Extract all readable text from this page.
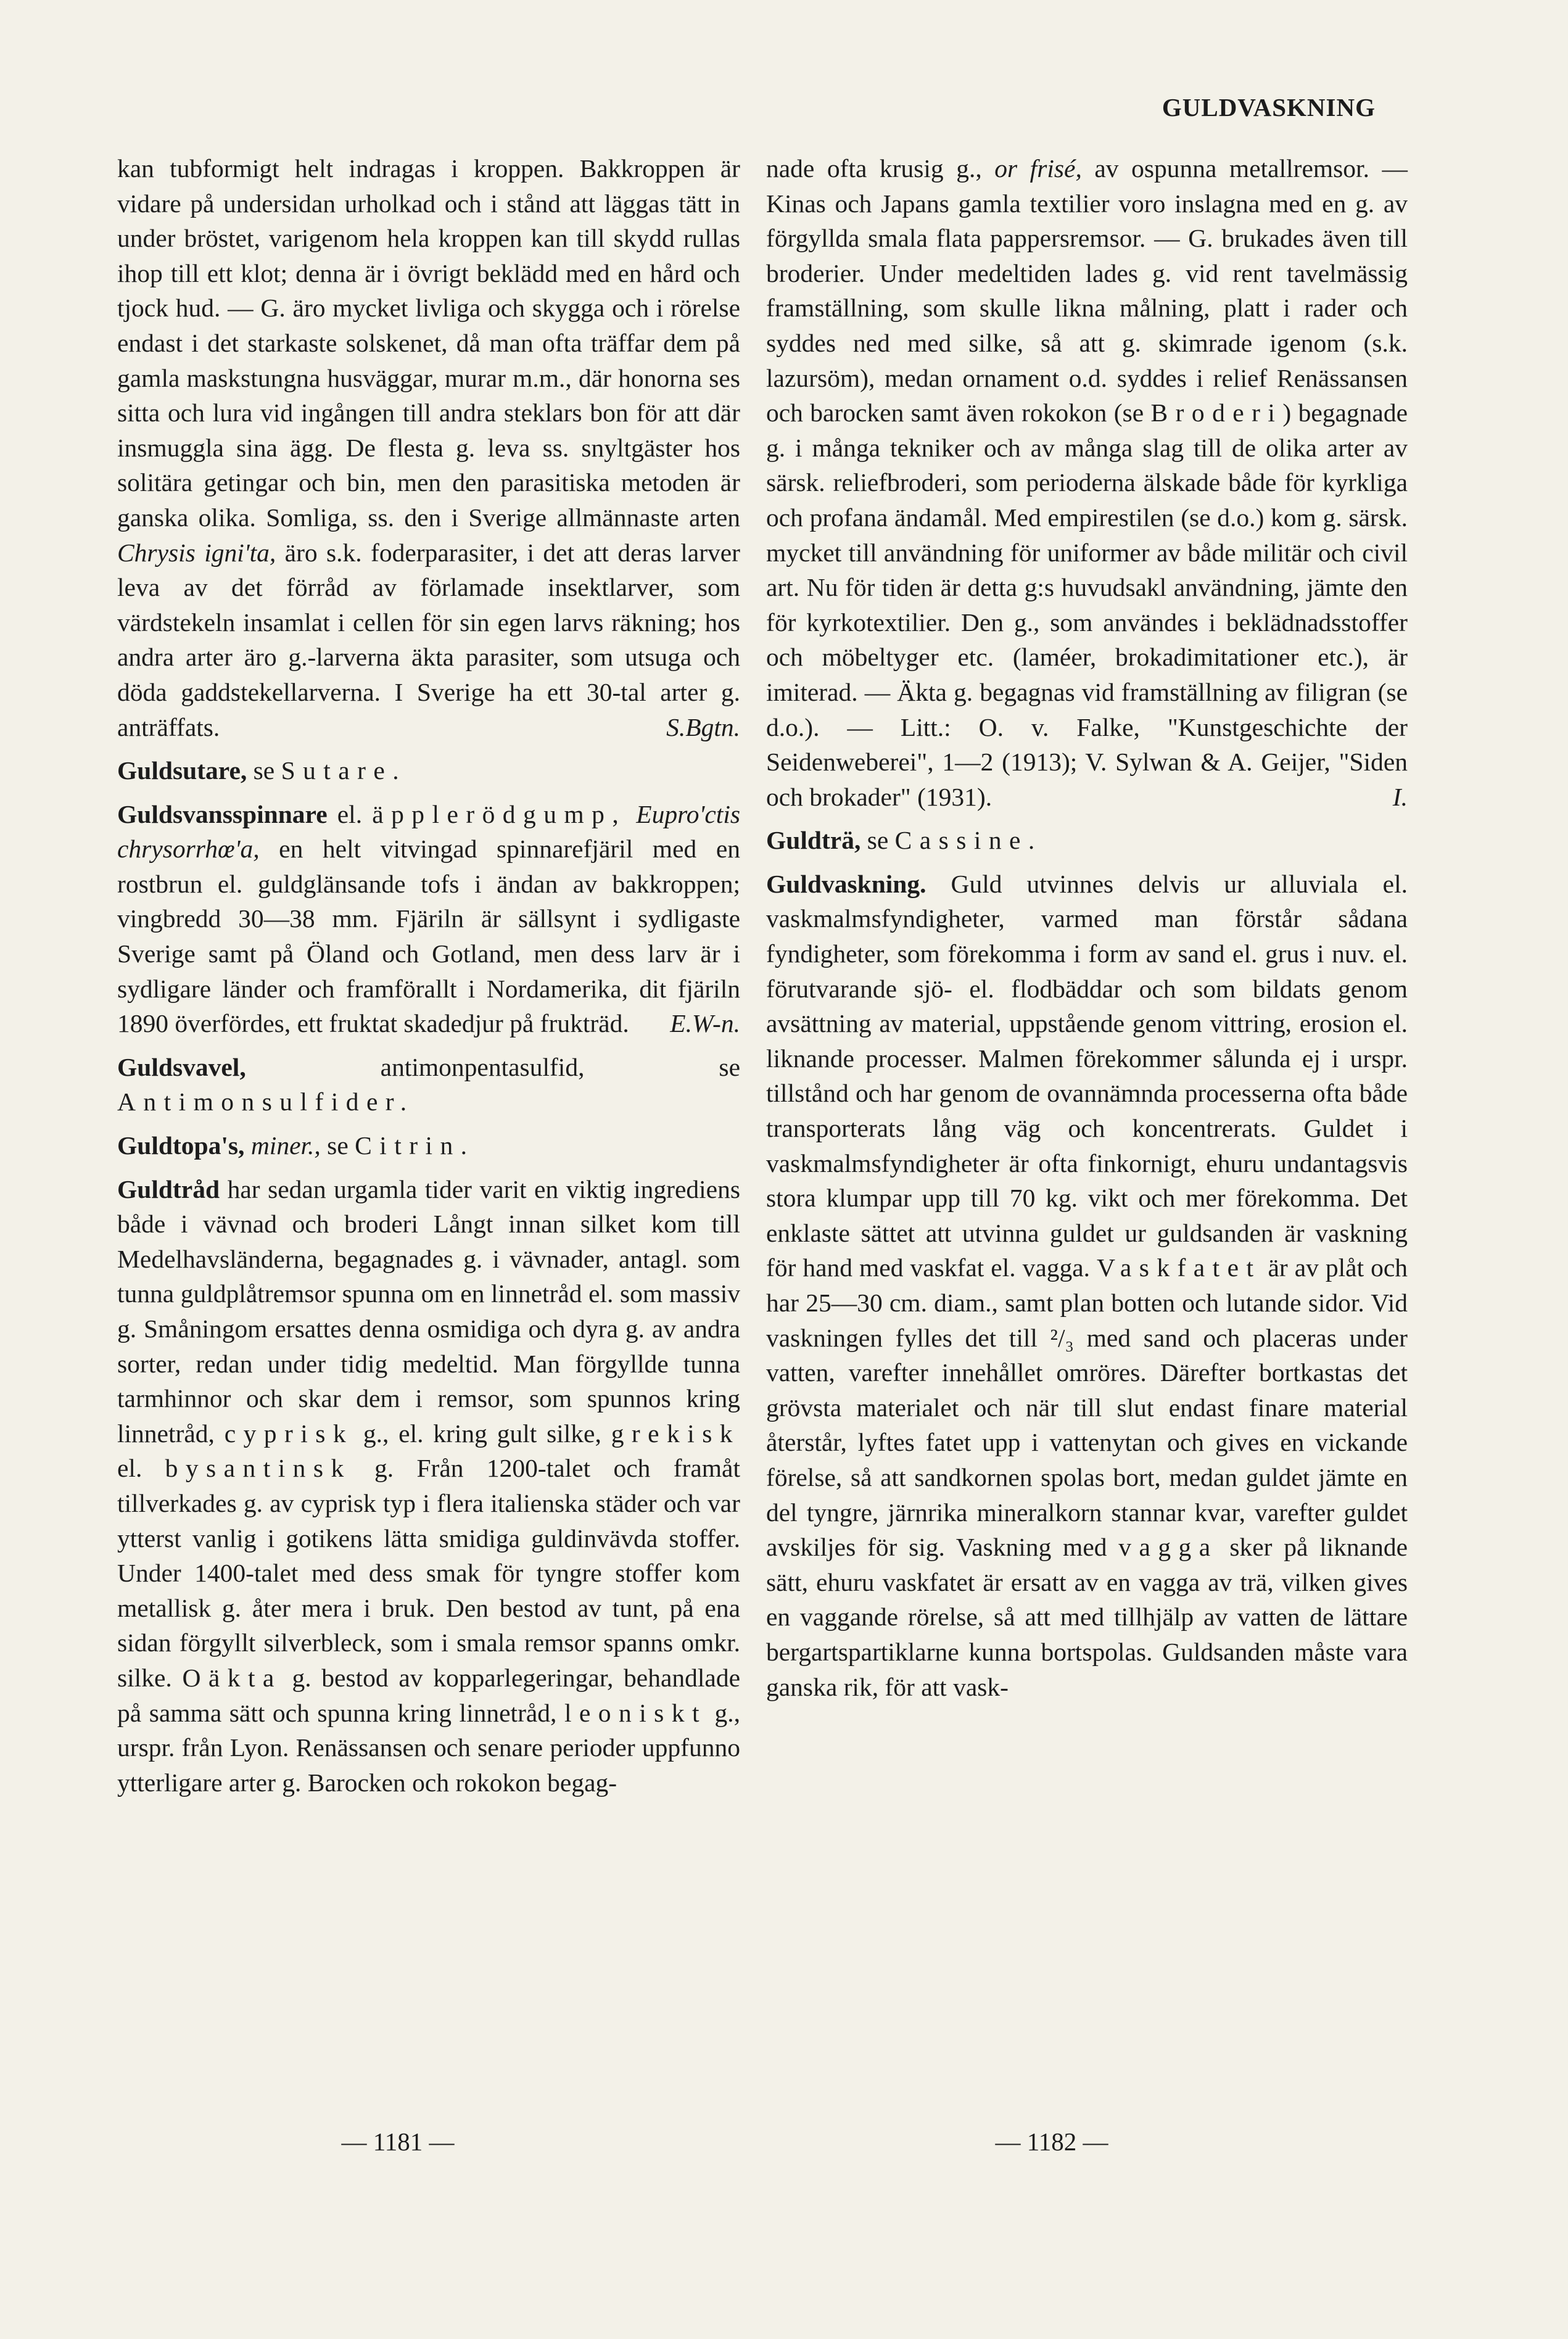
GULDVASKNING

kan tubformigt helt indragas i kroppen. Bakkroppen är vidare på undersidan urholkad och i stånd att läggas tätt in under bröstet, varigenom hela kroppen kan till skydd rullas ihop till ett klot; denna är i övrigt beklädd med en hård och tjock hud. — G. äro mycket livliga och skygga och i rörelse endast i det starkaste solskenet, då man ofta träffar dem på gamla maskstungna husväggar, murar m.m., där honorna ses sitta och lura vid ingången till andra steklars bon för att där insmuggla sina ägg. De flesta g. leva ss. snyltgäster hos solitära getingar och bin, men den parasitiska metoden är ganska olika. Somliga, ss. den i Sverige allmännaste arten Chrysis igni'ta, äro s.k. foderparasiter, i det att deras larver leva av det förråd av förlamade insektlarver, som värdstekeln insamlat i cellen för sin egen larvs räkning; hos andra arter äro g.-larverna äkta parasiter, som utsuga och döda gaddstekellarverna. I Sverige ha ett 30-tal arter g. anträffats.	S.Bgtn.

Guldsutare, se Sutare.

Guldsvansspinnare el. äpplerödgump, Eupro'ctis chrysorrhœ'a, en helt vitvingad spinnarefjäril med en rostbrun el. guldglänsande tofs i ändan av bakkroppen; vingbredd 30—38 mm. Fjäriln är sällsynt i sydligaste Sverige samt på Öland och Gotland, men dess larv är i sydligare länder och framförallt i Nordamerika, dit fjäriln 1890 överfördes, ett fruktat skadedjur på frukträd. E.W-n.

Guldsvavel, antimonpentasulfid, se Antimonsulfider.

Guldtopa's, miner., se Citrin.

Guldtråd har sedan urgamla tider varit en viktig ingrediens både i vävnad och broderi Långt innan silket kom till Medelhavsländerna, begagnades g. i vävnader, antagl. som tunna guldplåtremsor spunna om en linnetråd el. som massiv g. Småningom ersattes denna osmidiga och dyra g. av andra sorter, redan under tidig medeltid. Man förgyllde tunna tarmhinnor och skar dem i remsor, som spunnos kring linnetråd, cyprisk g., el. kring gult silke, grekisk el. bysantinsk g. Från 1200-talet och framåt tillverkades g. av cyprisk typ i flera italienska städer och var ytterst vanlig i gotikens lätta smidiga guldinvävda stoffer. Under 1400-talet med dess smak för tyngre stoffer kom metallisk g. åter mera i bruk. Den bestod av tunt, på ena sidan förgyllt silverbleck, som i smala remsor spanns omkr. silke. Oäkta g. bestod av kopparlegeringar, behandlade på samma sätt och spunna kring linnetråd, leoniskt g., urspr. från Lyon. Renässansen och senare perioder uppfunno ytterligare arter g. Barocken och rokokon begag-

nade ofta krusig g., or frisé, av ospunna metallremsor. — Kinas och Japans gamla textilier voro inslagna med en g. av förgyllda smala flata pappersremsor. — G. brukades även till broderier. Under medeltiden lades g. vid rent tavelmässig framställning, som skulle likna målning, platt i rader och syddes ned med silke, så att g. skimrade igenom (s.k. lazursöm), medan ornament o.d. syddes i relief Renässansen och barocken samt även rokokon (se Broderi) begagnade g. i många tekniker och av många slag till de olika arter av särsk. reliefbroderi, som perioderna älskade både för kyrkliga och profana ändamål. Med empirestilen (se d.o.) kom g. särsk. mycket till användning för uniformer av både militär och civil art. Nu för tiden är detta g:s huvudsakl användning, jämte den för kyrkotextilier. Den g., som användes i beklädnadsstoffer och möbeltyger etc. (laméer, brokadimitationer etc.), är imiterad. — Äkta g. begagnas vid framställning av filigran (se d.o.). — Litt.: O. v. Falke, "Kunstgeschichte der Seidenweberei", 1—2 (1913); V. Sylwan & A. Geijer, "Siden och brokader" (1931).	I.

Guldträ, se Cassine.

Guldvaskning. Guld utvinnes delvis ur alluviala el. vaskmalmsfyndigheter, varmed man förstår sådana fyndigheter, som förekomma i form av sand el. grus i nuv. el. förutvarande sjö- el. flodbäddar och som bildats genom avsättning av material, uppstående genom vittring, erosion el. liknande processer. Malmen förekommer sålunda ej i urspr. tillstånd och har genom de ovannämnda processerna ofta både transporterats lång väg och koncentrerats. Guldet i vaskmalmsfyndigheter är ofta finkornigt, ehuru undantagsvis stora klumpar upp till 70 kg. vikt och mer förekomma. Det enklaste sättet att utvinna guldet ur guldsanden är vaskning för hand med vaskfat el. vagga. Vaskfatet är av plåt och har 25—30 cm. diam., samt plan botten och lutande sidor. Vid vaskningen fylles det till ²/₃ med sand och placeras under vatten, varefter innehållet omröres. Därefter bortkastas det grövsta materialet och när till slut endast finare material återstår, lyftes fatet upp i vattenytan och gives en vickande förelse, så att sandkornen spolas bort, medan guldet jämte en del tyngre, järnrika mineralkorn stannar kvar, varefter guldet avskiljes för sig. Vaskning med vagga sker på liknande sätt, ehuru vaskfatet är ersatt av en vagga av trä, vilken gives en vaggande rörelse, så att med tillhjälp av vatten de lättare bergartspartiklarne kunna bortspolas. Guldsanden måste vara ganska rik, för att vask-

— 1181 —	— 1182 —
